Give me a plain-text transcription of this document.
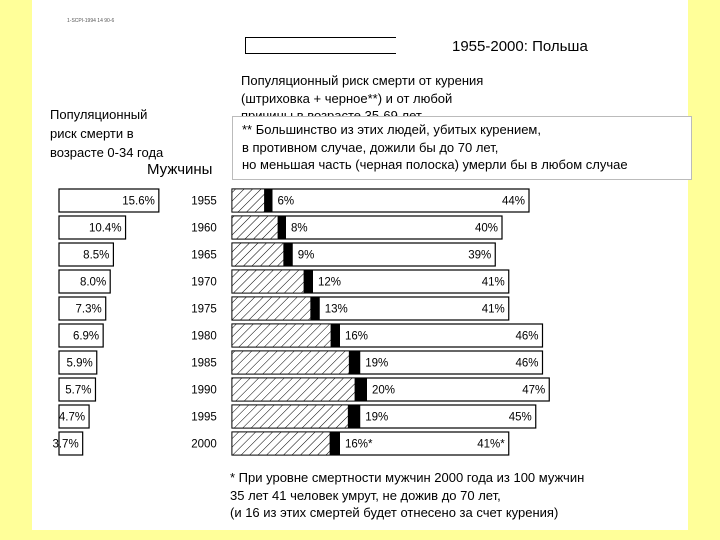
1-SCPI-1994 14 90-6
1955-2000: Польша
Популяционный риск смерти от курения
(штриховка + черное**) и от любой
** Большинство из этих людей, убитых курением,
в противном случае, дожили бы до 70 лет,
но меньшая часть (черная полоска) умерли бы в любом случае
Популяционный
риск смерти в
возрасте 0-34 года
Мужчины
15.6%	1955	6%	44%
10.4%	1960	8%	40%
8.5%	1965	9%	39%
8.0%	1970	12%	41%
7.3%	1975	13%	41%
6.9%	1980	16%	46%
5.9%	1985	19%	46%
5.7%	1990	20%	47%
4.7%	1995	19%	45%
3.7%	2000	16%*	41%*
* При уровне смертности мужчин 2000 года из 100 мужчин
35 лет 41 человек умрут, не дожив до 70 лет,
(и 16 из этих смертей будет отнесено за счет курения)
